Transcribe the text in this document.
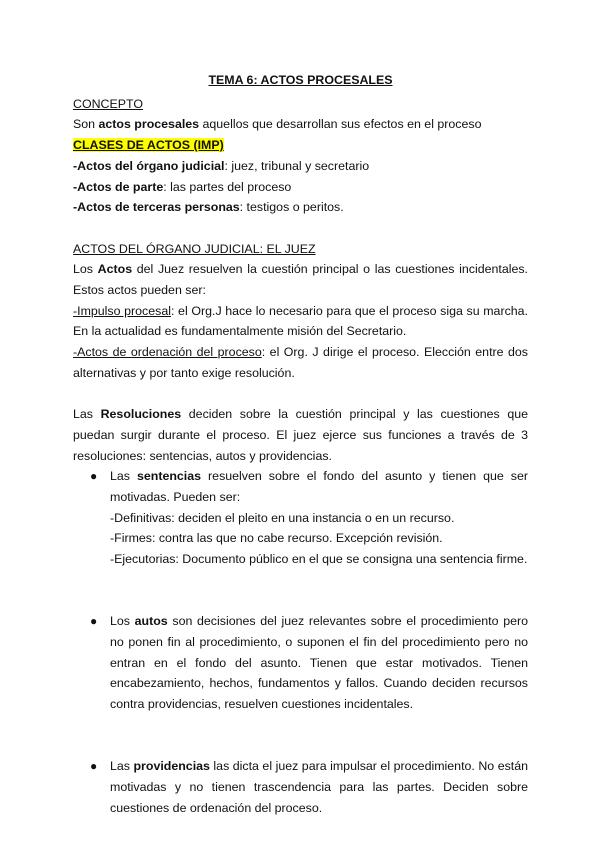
TEMA 6: ACTOS PROCESALES
CONCEPTO

Son actos procesales aquellos que desarrollan sus efectos en el proceso

CLASES DE ACTOS (IMP)

-Actos del órgano judicial: juez, tribunal y secretario

-Actos de parte: las partes del proceso

-Actos de terceras personas: testigos o peritos.

ACTOS DEL ÓRGANO JUDICIAL: EL JUEZ

Los Actos del Juez resuelven la cuestión principal o las cuestiones incidentales. Estos actos pueden ser:

-Impulso procesal: el Org.J hace lo necesario para que el proceso siga su marcha. En la actualidad es fundamentalmente misión del Secretario.

-Actos de ordenación del proceso: el Org. J dirige el proceso. Elección entre dos alternativas y por tanto exige resolución.

Las Resoluciones deciden sobre la cuestión principal y las cuestiones que puedan surgir durante el proceso. El juez ejerce sus funciones a través de 3 resoluciones: sentencias, autos y providencias.

● Las sentencias resuelven sobre el fondo del asunto y tienen que ser motivadas. Pueden ser:

-Definitivas: deciden el pleito en una instancia o en un recurso.

-Firmes: contra las que no cabe recurso. Excepción revisión.

-Ejecutorias: Documento público en el que se consigna una sentencia firme.

● Los autos son decisiones del juez relevantes sobre el procedimiento pero no ponen fin al procedimiento, o suponen el fin del procedimiento pero no entran en el fondo del asunto. Tienen que estar motivados. Tienen encabezamiento, hechos, fundamentos y fallos. Cuando deciden recursos contra providencias, resuelven cuestiones incidentales.

● Las providencias las dicta el juez para impulsar el procedimiento. No están motivadas y no tienen trascendencia para las partes. Deciden sobre cuestiones de ordenación del proceso.
